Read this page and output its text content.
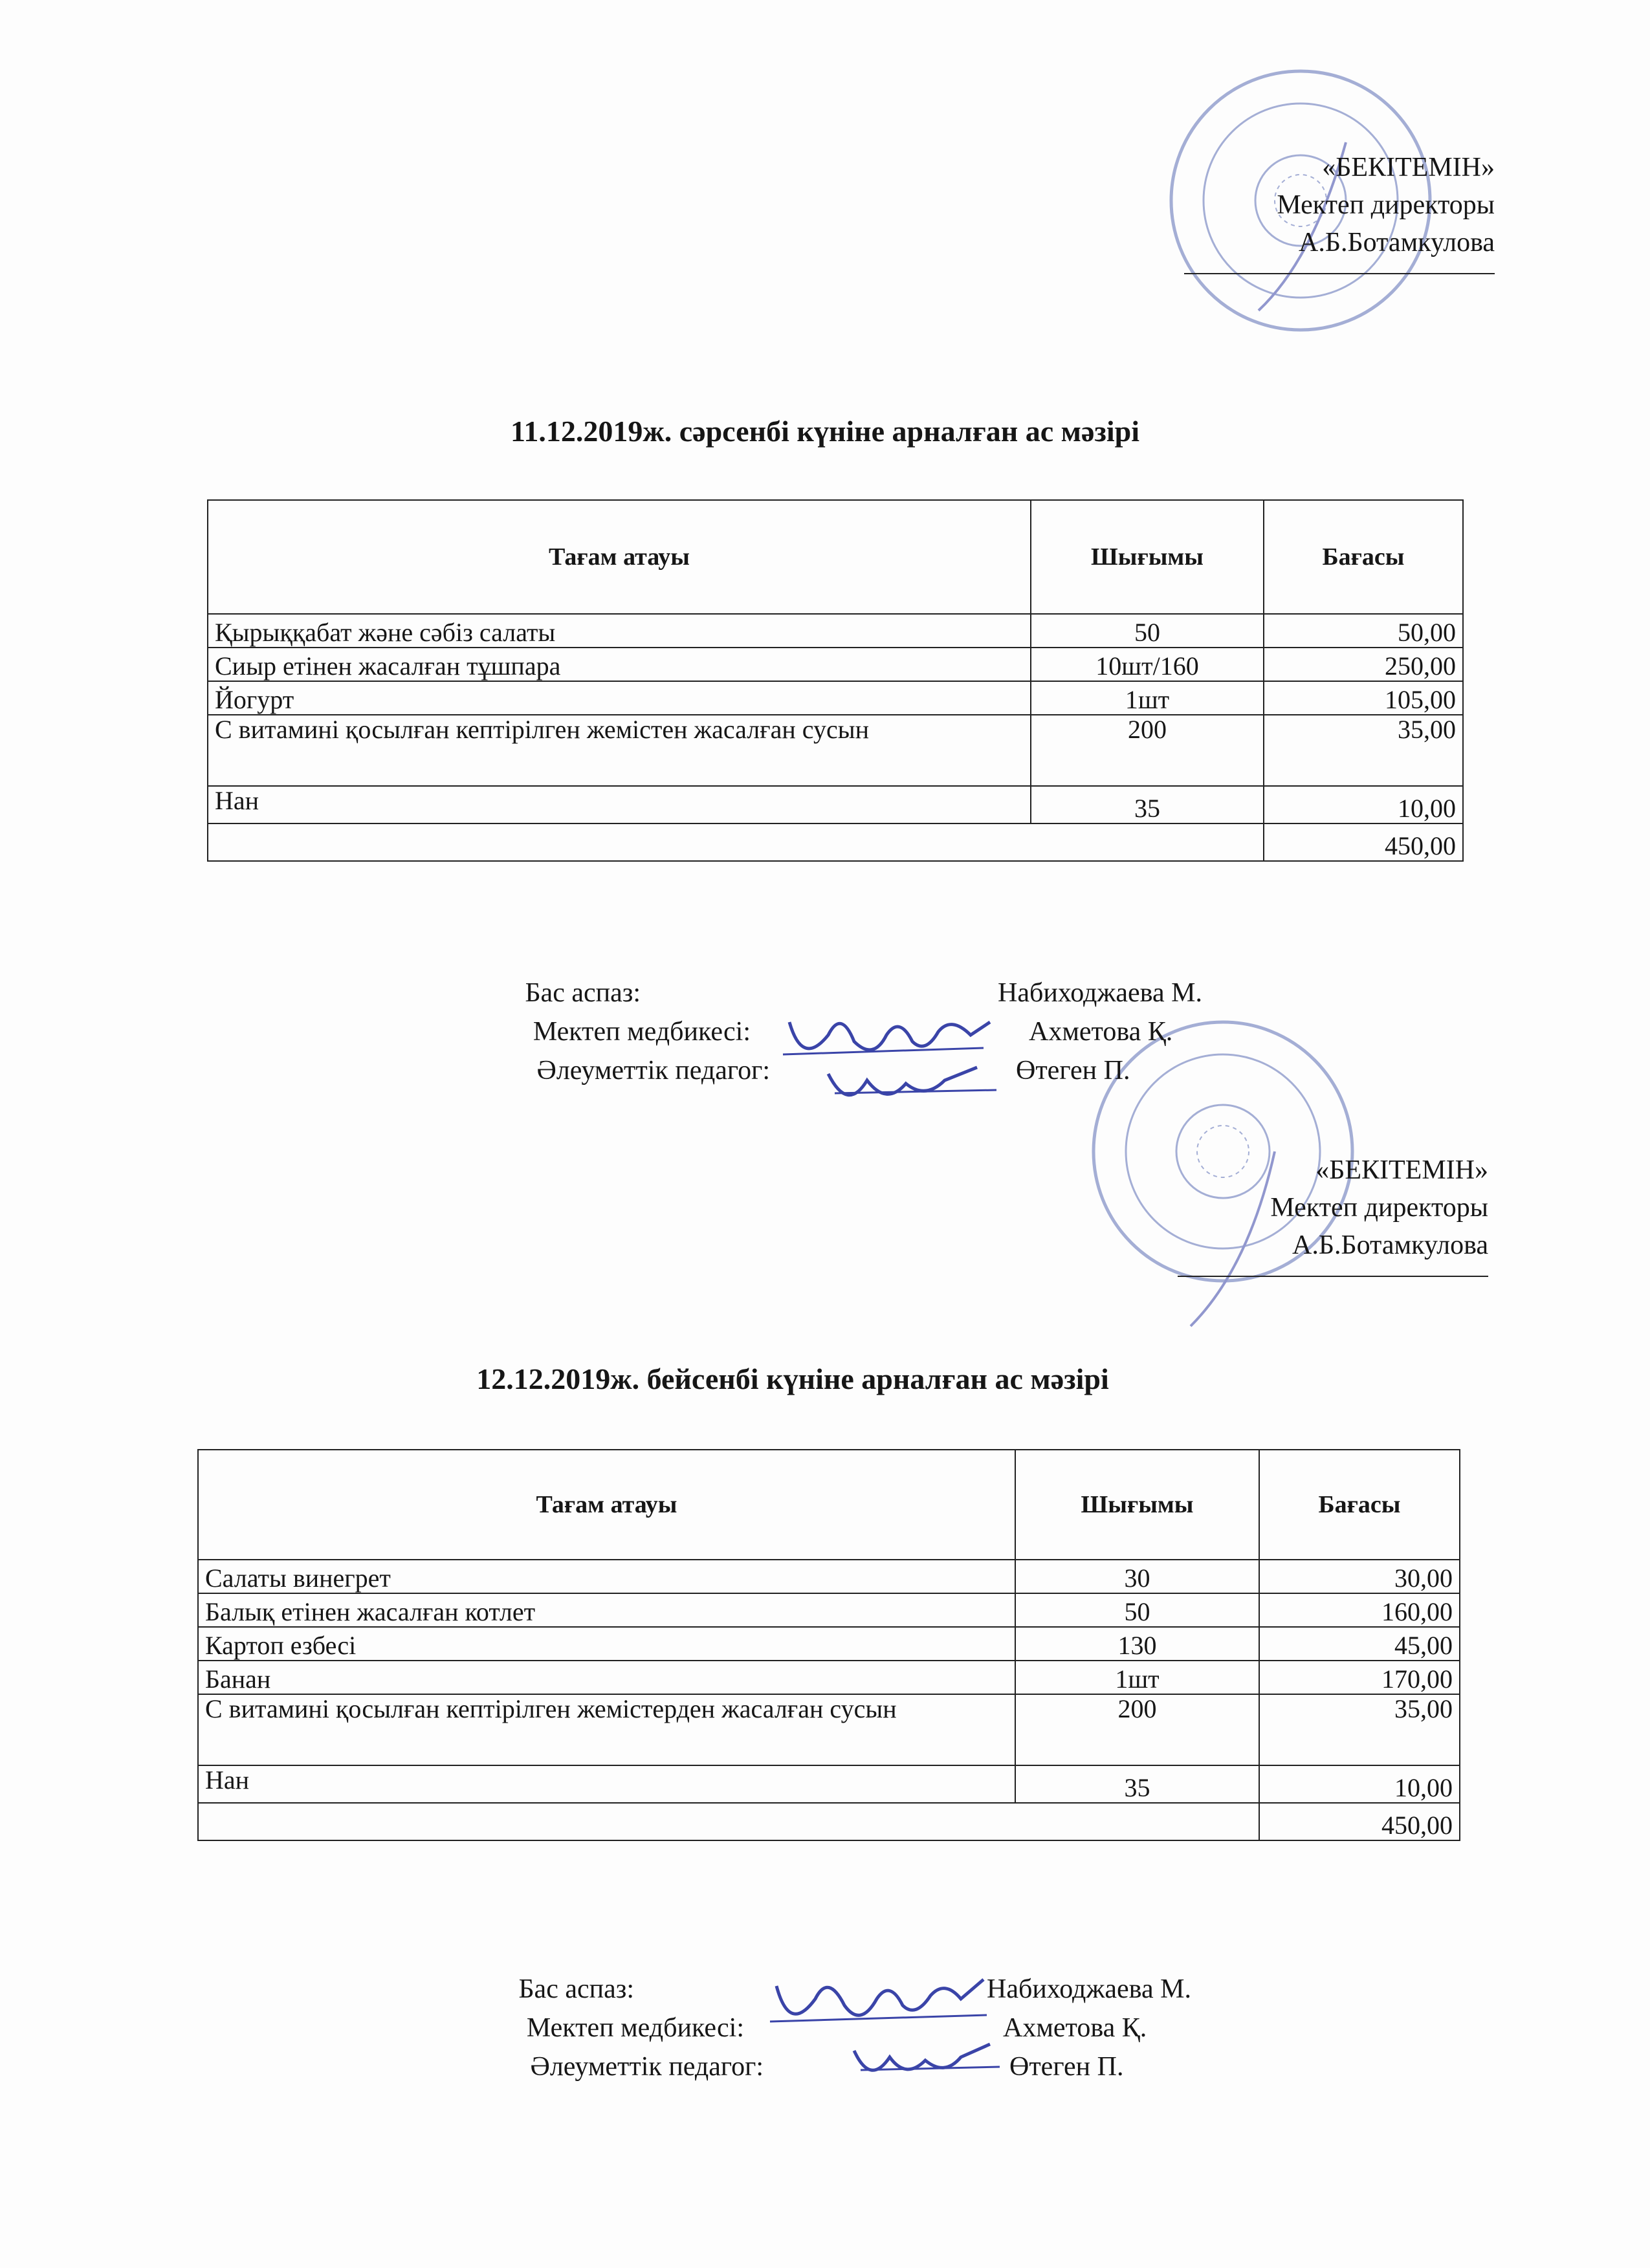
«БЕКІТЕМІН»
Мектеп директоры
А.Б.Ботамкулова
11.12.2019ж. сәрсенбі күніне арналған ас мәзірі
Тағам атауы	Шығымы	Бағасы
Қырыққабат және сәбіз салаты	50	50,00
Сиыр етінен жасалған тұшпара	10шт/160	250,00
Йогурт	1шт	105,00
С витамині қосылған кептірілген жемістен жасалған сусын	200	35,00
Нан	35	10,00
		450,00
Бас аспаз:	Набиходжаева М.
Мектеп медбикесі:	Ахметова Қ.
Әлеуметтік педагог:	Өтеген П.
«БЕКІТЕМІН»
Мектеп директоры
А.Б.Ботамкулова
12.12.2019ж. бейсенбі күніне арналған ас мәзірі
Тағам атауы	Шығымы	Бағасы
Салаты винегрет	30	30,00
Балық етінен жасалған котлет	50	160,00
Картоп езбесі	130	45,00
Банан	1шт	170,00
С витамині қосылған кептірілген жемістерден жасалған сусын	200	35,00
Нан	35	10,00
		450,00
Бас аспаз:	Набиходжаева М.
Мектеп медбикесі:	Ахметова Қ.
Әлеуметтік педагог:	Өтеген П.
